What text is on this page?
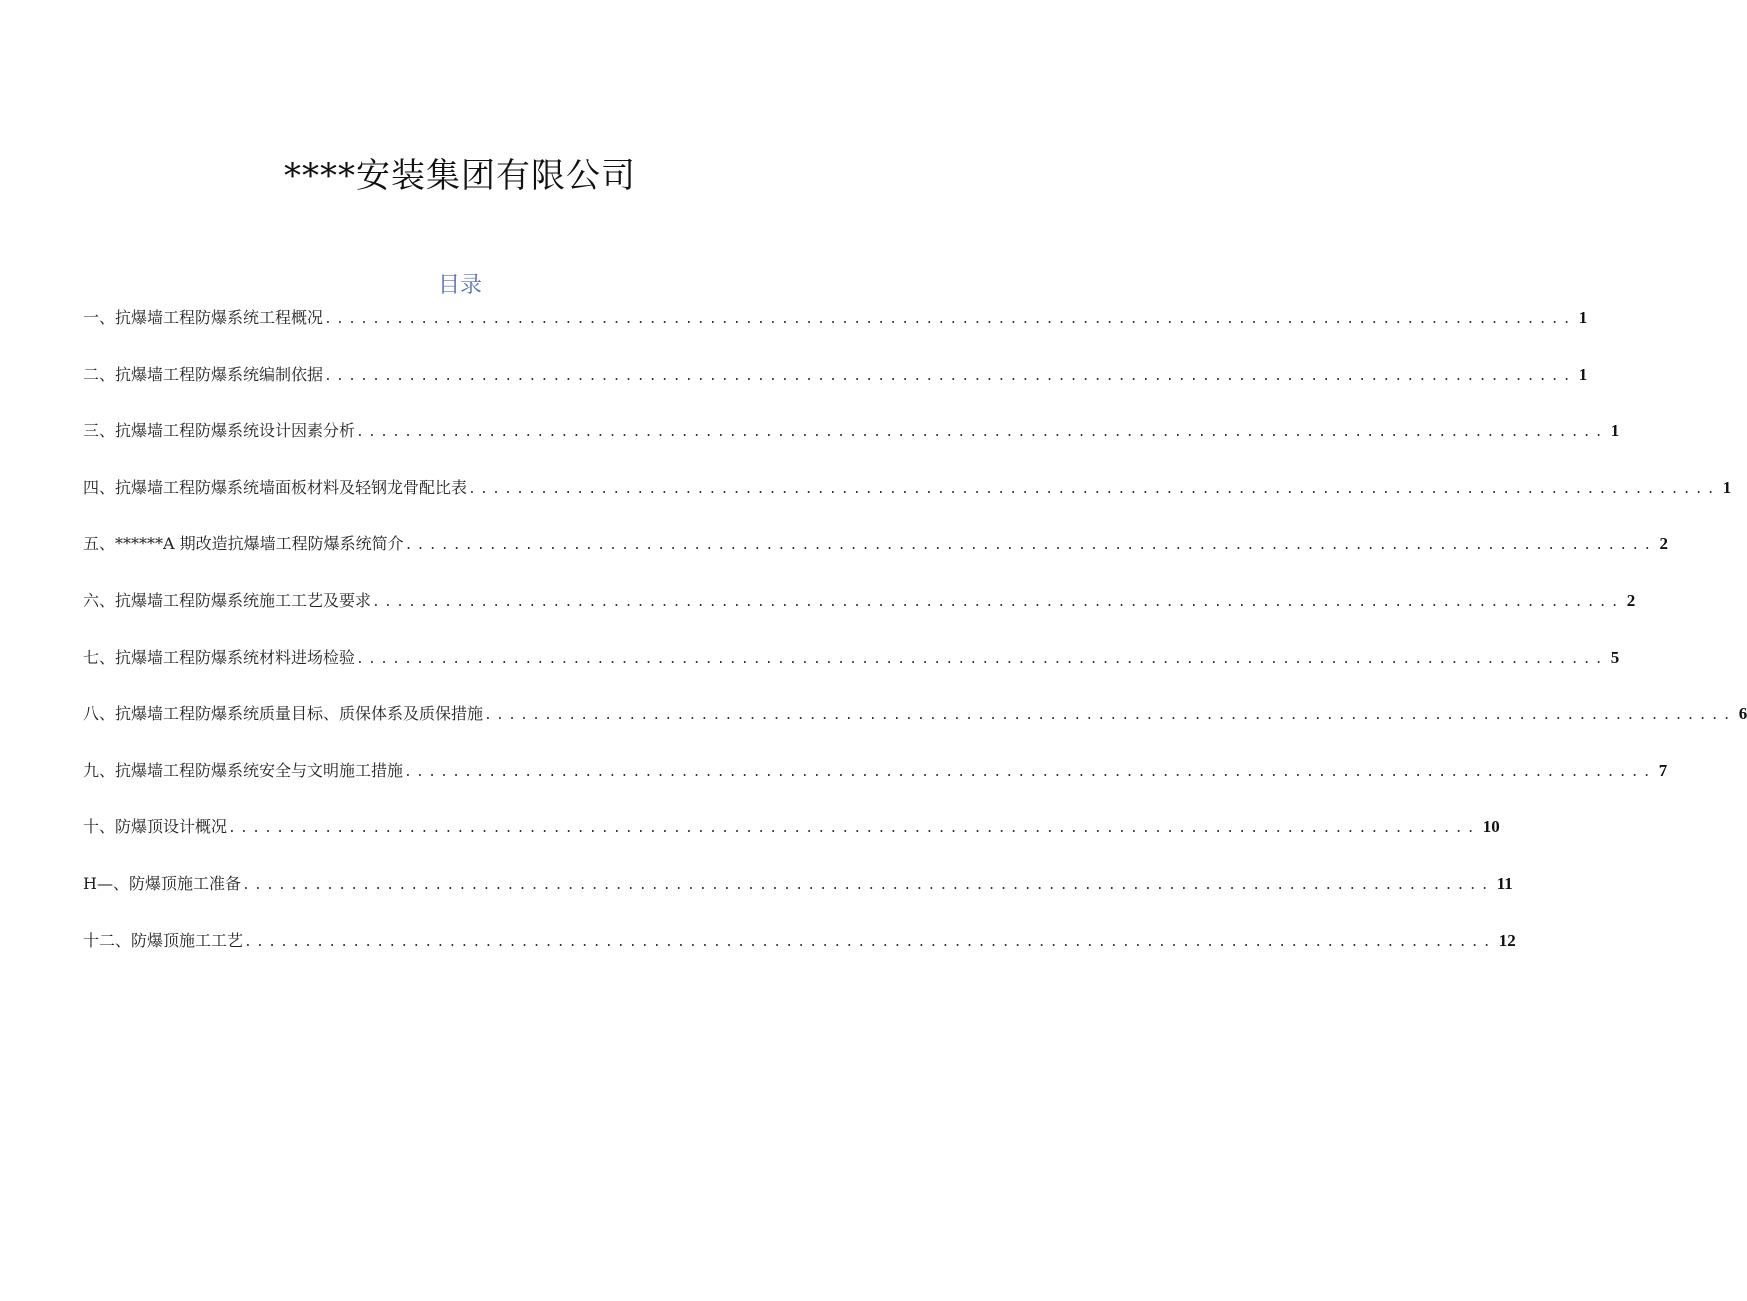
****安装集团有限公司
目录
一、抗爆墙工程防爆系统工程概况 ........................................................................................................ 1
二、抗爆墙工程防爆系统编制依据 ........................................................................................................ 1
三、抗爆墙工程防爆系统设计因素分析 ........................................................................................................ 1
四、抗爆墙工程防爆系统墙面板材料及轻钢龙骨配比表 ........................................................................................................ 1
五、******A 期改造抗爆墙工程防爆系统简介 ........................................................................................................ 2
六、抗爆墙工程防爆系统施工工艺及要求 ........................................................................................................ 2
七、抗爆墙工程防爆系统材料进场检验 ........................................................................................................ 5
八、抗爆墙工程防爆系统质量目标、质保体系及质保措施 ........................................................................................................ 6
九、抗爆墙工程防爆系统安全与文明施工措施 ........................................................................................................ 7
十、防爆顶设计概况 ........................................................................................................ 10
H—、防爆顶施工准备 ........................................................................................................ 11
十二、防爆顶施工工艺 ........................................................................................................ 12
